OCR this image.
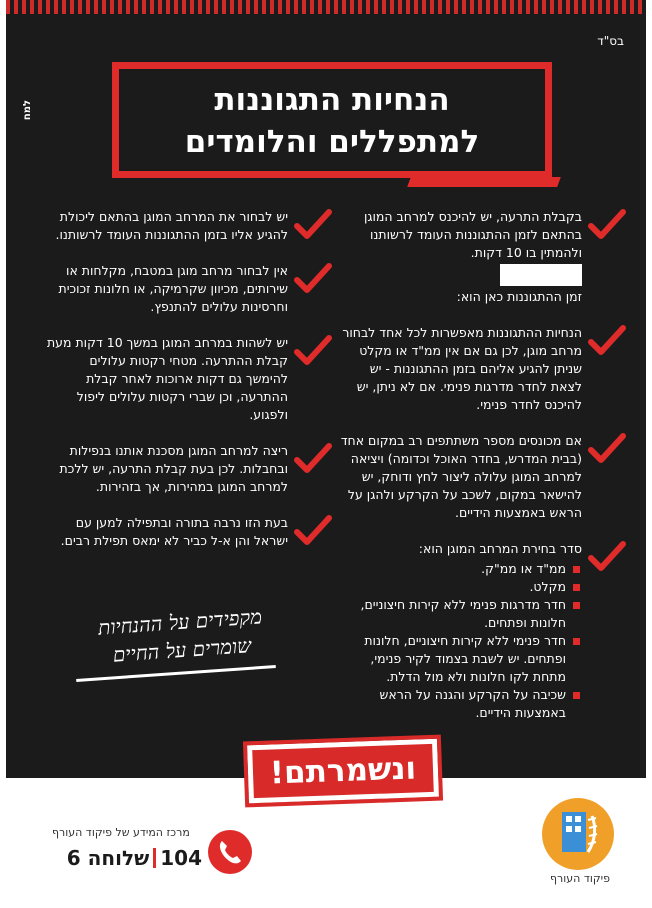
בס"ד
למח	הנחיות התגוננות
למתפללים והלומדים
בקבלת התרעה, יש להיכנס למרחב המוגן בהתאם לזמן ההתגוננות העומד לרשותנו ולהמתין בו 10 דקות.
זמן ההתגוננות כאן הוא:
הנחיות ההתגוננות מאפשרות לכל אחד לבחור מרחב מוגן, לכן גם אם אין ממ"ד או מקלט שניתן להגיע אליהם בזמן ההתגוננות - יש לצאת לחדר מדרגות פנימי. אם לא ניתן, יש להיכנס לחדר פנימי.
אם מכונסים מספר משתתפים רב במקום אחד (בבית המדרש, בחדר האוכל וכדומה) ויציאה למרחב המוגן עלולה ליצור לחץ ודוחק, יש להישאר במקום, לשכב על הקרקע ולהגן על הראש באמצעות הידיים.
סדר בחירת המרחב המוגן הוא:
ממ"ד או ממ"ק.
מקלט.
חדר מדרגות פנימי ללא קירות חיצוניים, חלונות ופתחים.
חדר פנימי ללא קירות חיצוניים, חלונות ופתחים. יש לשבת בצמוד לקיר פנימי, מתחת לקו חלונות ולא מול הדלת.
שכיבה על הקרקע והגנה על הראש באמצעות הידיים.
יש לבחור את המרחב המוגן בהתאם ליכולת להגיע אליו בזמן ההתגוננות העומד לרשותנו.
אין לבחור מרחב מוגן במטבח, מקלחות או שירותים, מכיוון שקרמיקה, או חלונות זכוכית וחרסינות עלולים להתנפץ.
יש לשהות במרחב המוגן במשך 10 דקות מעת קבלת ההתרעה. מטחי רקטות עלולים להימשך גם דקות ארוכות לאחר קבלת ההתרעה, וכן שברי רקטות עלולים ליפול ולפגוע.
ריצה למרחב המוגן מסכנת אותנו בנפילות ובחבלות. לכן בעת קבלת התרעה, יש ללכת למרחב המוגן במהירות, אך בזהירות.
בעת הזו נרבה בתורה ובתפילה למען עם ישראל והן א-ל כביר לא ימאס תפילת רבים.
מקפידים על ההנחיות
שומרים על החיים
ונשמרתם!
מרכז המידע של פיקוד העורף
104
שלוחה 6
פיקוד העורף
